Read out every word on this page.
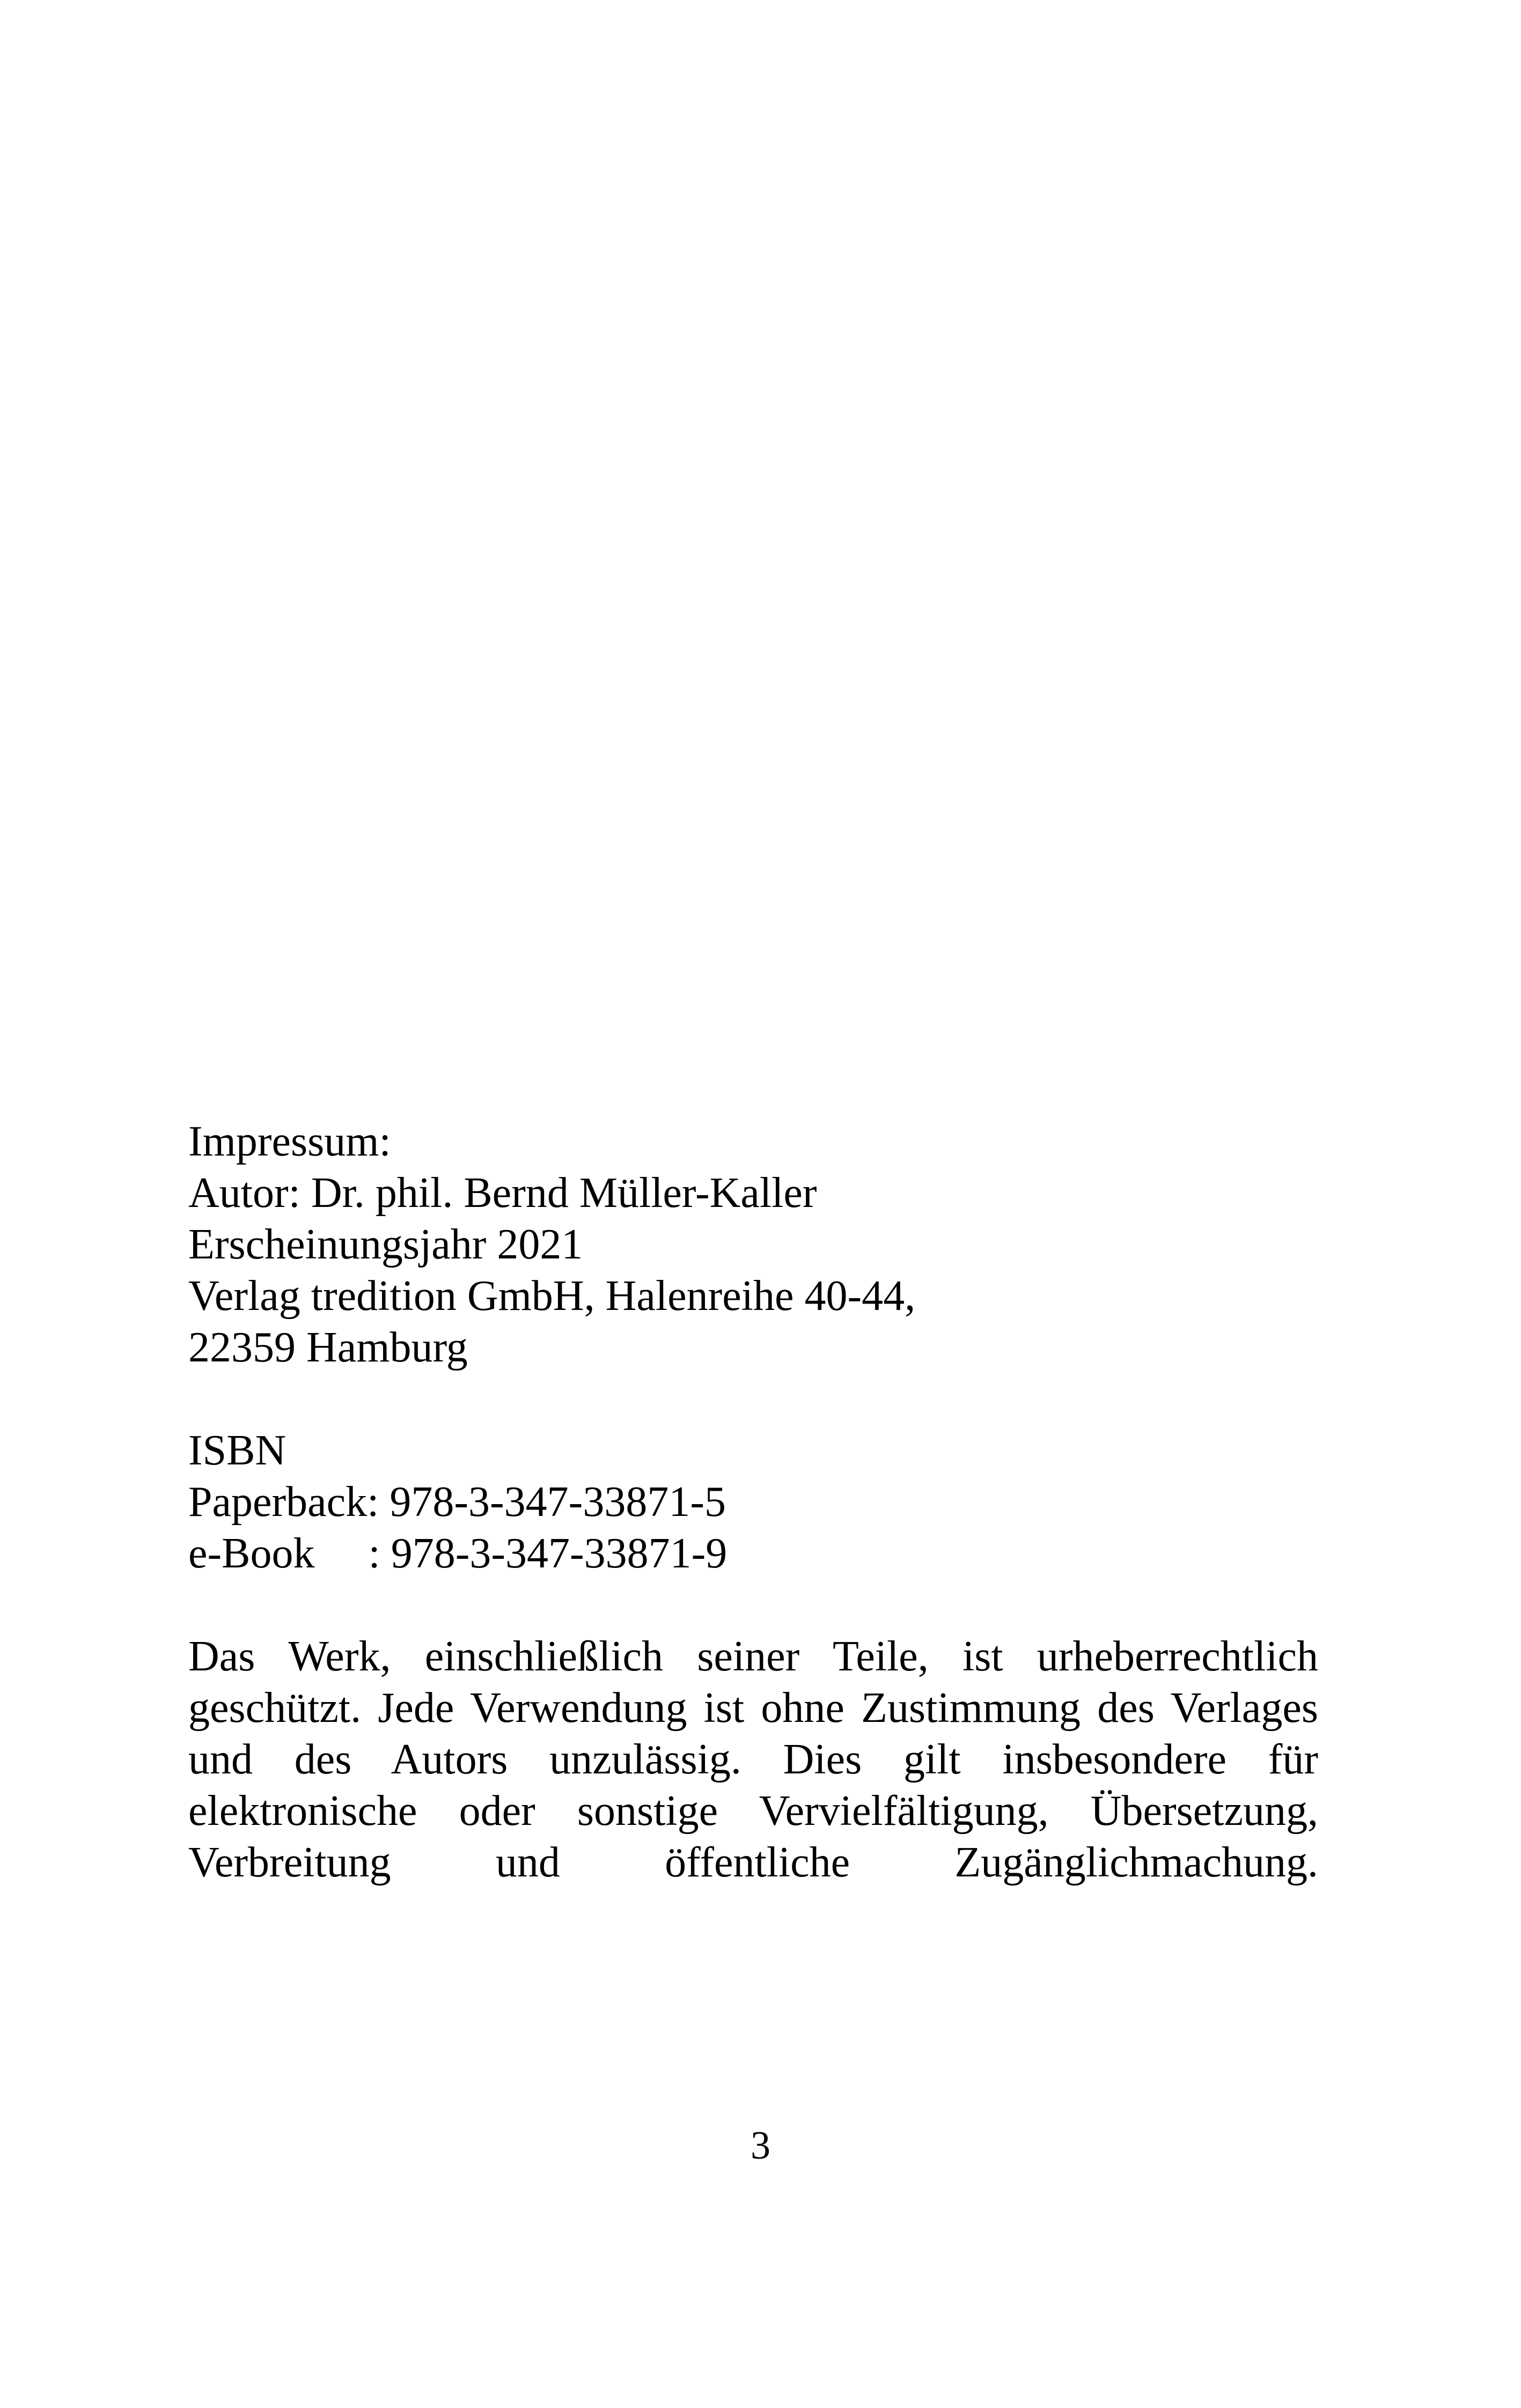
Impressum:
Autor: Dr. phil. Bernd Müller-Kaller
Erscheinungsjahr 2021
Verlag tredition GmbH, Halenreihe 40-44,
22359 Hamburg
ISBN
Paperback: 978-3-347-33871-5
e-Book     : 978-3-347-33871-9

Das Werk, einschließlich seiner Teile, ist urheberrechtlich geschützt. Jede Verwendung ist ohne Zustimmung des Verlages und des Autors unzulässig. Dies gilt insbesondere für elektronische oder sonstige Vervielfältigung, Übersetzung, Verbreitung und öffentliche Zugänglichmachung.

3
